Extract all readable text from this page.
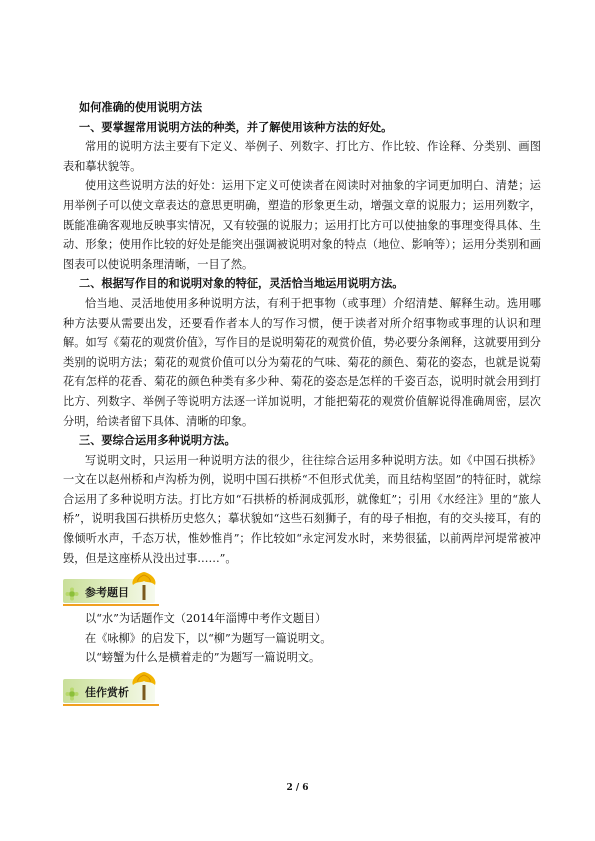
如何准确的使用说明方法

一、要掌握常用说明方法的种类，并了解使用该种方法的好处。

常用的说明方法主要有下定义、举例子、列数字、打比方、作比较、作诠释、分类别、画图表和摹状貌等。

使用这些说明方法的好处：运用下定义可使读者在阅读时对抽象的字词更加明白、清楚；运用举例子可以使文章表达的意思更明确，塑造的形象更生动，增强文章的说服力；运用列数字，既能准确客观地反映事实情况，又有较强的说服力；运用打比方可以使抽象的事理变得具体、生动、形象；使用作比较的好处是能突出强调被说明对象的特点（地位、影响等）；运用分类别和画图表可以使说明条理清晰，一目了然。

二、根据写作目的和说明对象的特征，灵活恰当地运用说明方法。

恰当地、灵活地使用多种说明方法，有利于把事物（或事理）介绍清楚、解释生动。选用哪种方法要从需要出发，还要看作者本人的写作习惯，便于读者对所介绍事物或事理的认识和理解。如写《菊花的观赏价值》，写作目的是说明菊花的观赏价值，势必要分条阐释，这就要用到分类别的说明方法；菊花的观赏价值可以分为菊花的气味、菊花的颜色、菊花的姿态，也就是说菊花有怎样的花香、菊花的颜色种类有多少种、菊花的姿态是怎样的千姿百态，说明时就会用到打比方、列数字、举例子等说明方法逐一详加说明，才能把菊花的观赏价值解说得准确周密，层次分明，给读者留下具体、清晰的印象。

三、要综合运用多种说明方法。

写说明文时，只运用一种说明方法的很少，往往综合运用多种说明方法。如《中国石拱桥》一文在以赵州桥和卢沟桥为例，说明中国石拱桥“不但形式优美，而且结构坚固”的特征时，就综合运用了多种说明方法。打比方如“石拱桥的桥洞成弧形，就像虹”；引用《水经注》里的“旅人桥”，说明我国石拱桥历史悠久；摹状貌如“这些石刻狮子，有的母子相抱，有的交头接耳，有的像倾听水声，千态万状，惟妙惟肖”；作比较如“永定河发水时，来势很猛，以前两岸河堤常被冲毁，但是这座桥从没出过事……”。

参考题目

以“水”为话题作文（2014年淄博中考作文题目）

在《咏柳》的启发下，以“柳”为题写一篇说明文。

以“螃蟹为什么是横着走的”为题写一篇说明文。

佳作赏析
2 / 6
